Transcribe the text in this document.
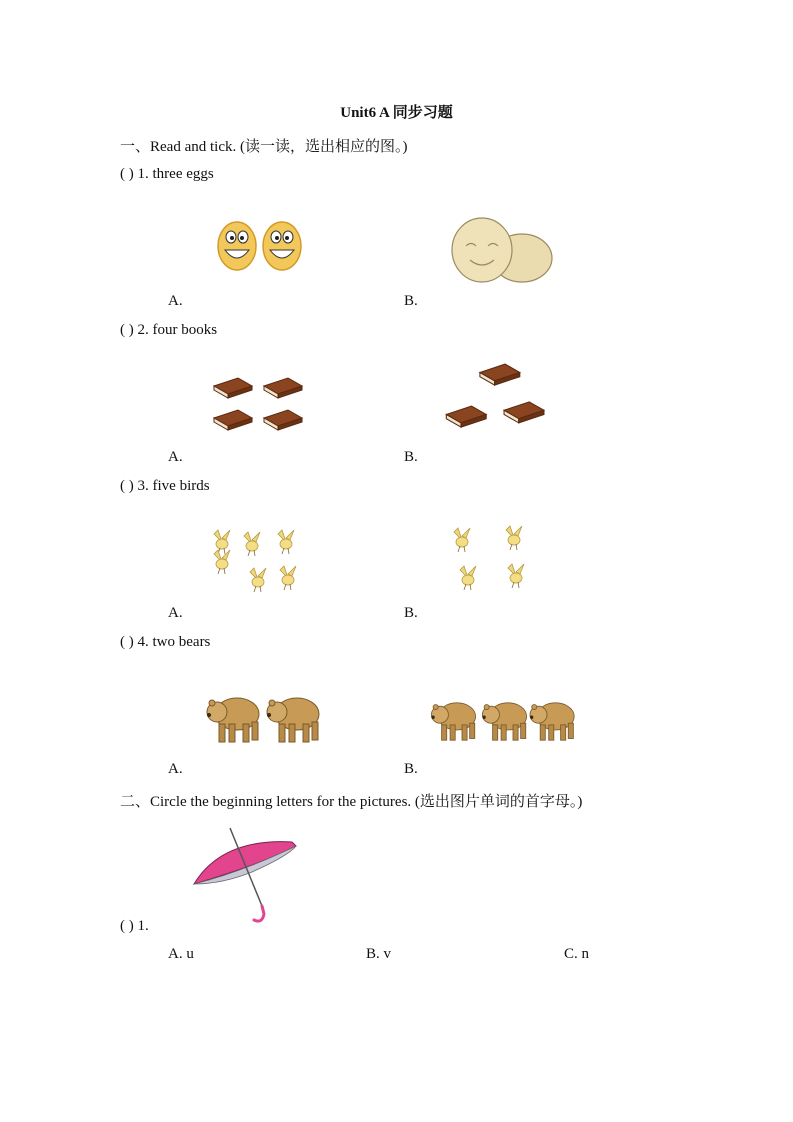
Unit6 A 同步习题
一、Read and tick. (读一读，选出相应的图。)
( ) 1. three eggs
A.	B.
( ) 2. four books
A.	B.
( ) 3. five birds
A.	B.
( ) 4. two bears
A.	B.
二、Circle the beginning letters for the pictures. (选出图片单词的首字母。)
( ) 1.
A. u	B. v	C. n
